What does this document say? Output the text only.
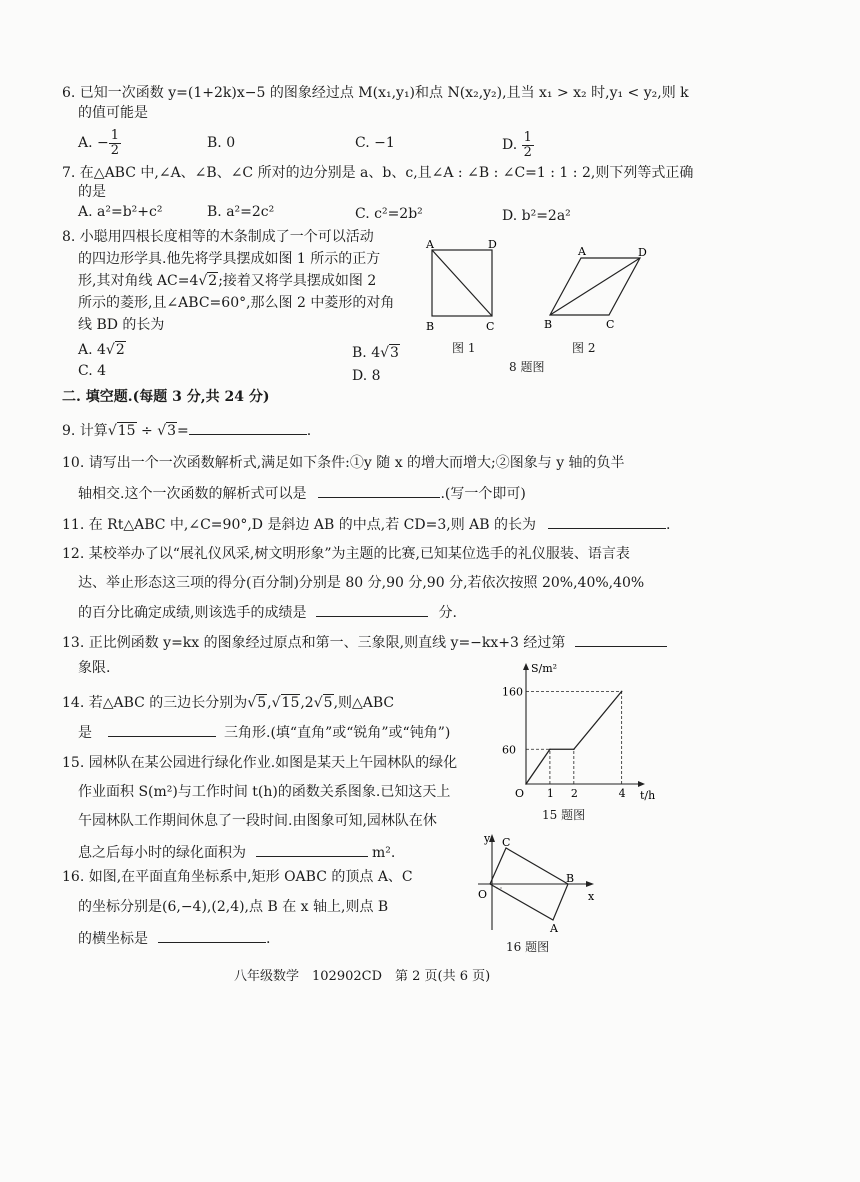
6. 已知一次函数 y=(1+2k)x−5 的图象经过点 M(x₁,y₁)和点 N(x₂,y₂),且当 x₁ > x₂ 时,y₁ < y₂,则 k
的值可能是
A. − $\frac{1}{2}$	B. 0	C. −1	D. $\frac{1}{2}$
7. 在△ABC 中,∠A、∠B、∠C 所对的边分别是 a、b、c,且∠A : ∠B : ∠C=1 : 1 : 2,则下列等式正确
的是
A. a²=b²+c²	B. a²=2c²	C. c²=2b²	D. b²=2a²
8. 小聪用四根长度相等的木条制成了一个可以活动
的四边形学具.他先将学具摆成如图 1 所示的正方
形,其对角线 AC=4√2;接着又将学具摆成如图 2
所示的菱形,且∠ABC=60°,那么图 2 中菱形的对角
线 BD 的长为
A. 4√2	B. 4√3
C. 4	D. 8
A	D
B	C
图 1
A	D
B	C
图 2
8 题图
二. 填空题.(每题 3 分,共 24 分)
9. 计算√15 ÷ √3=	.
10. 请写出一个一次函数解析式,满足如下条件:①y 随 x 的增大而增大;②图象与 y 轴的负半
轴相交.这个一次函数的解析式可以是	.(写一个即可)
11. 在 Rt△ABC 中,∠C=90°,D 是斜边 AB 的中点,若 CD=3,则 AB 的长为	.
12. 某校举办了以“展礼仪风采,树文明形象”为主题的比赛,已知某位选手的礼仪服装、语言表
达、举止形态这三项的得分(百分制)分别是 80 分,90 分,90 分,若依次按照 20%,40%,40%
的百分比确定成绩,则该选手的成绩是	分.
13. 正比例函数 y=kx 的图象经过原点和第一、三象限,则直线 y=−kx+3 经过第
象限.
14. 若△ABC 的三边长分别为√5,√15,2√5,则△ABC
是	三角形.(填“直角”或“锐角”或“钝角”)
15. 园林队在某公园进行绿化作业.如图是某天上午园林队的绿化
作业面积 S(m²)与工作时间 t(h)的函数关系图象.已知这天上
午园林队工作期间休息了一段时间.由图象可知,园林队在休
息之后每小时的绿化面积为	m².
S/m²
t/h
O
60
160
1 2	4
15 题图
16. 如图,在平面直角坐标系中,矩形 OABC 的顶点 A、C
的坐标分别是(6,−4),(2,4),点 B 在 x 轴上,则点 B
的横坐标是	.
y
x
O
C
B
A
16 题图
八年级数学　102902CD　第 2 页(共 6 页)
